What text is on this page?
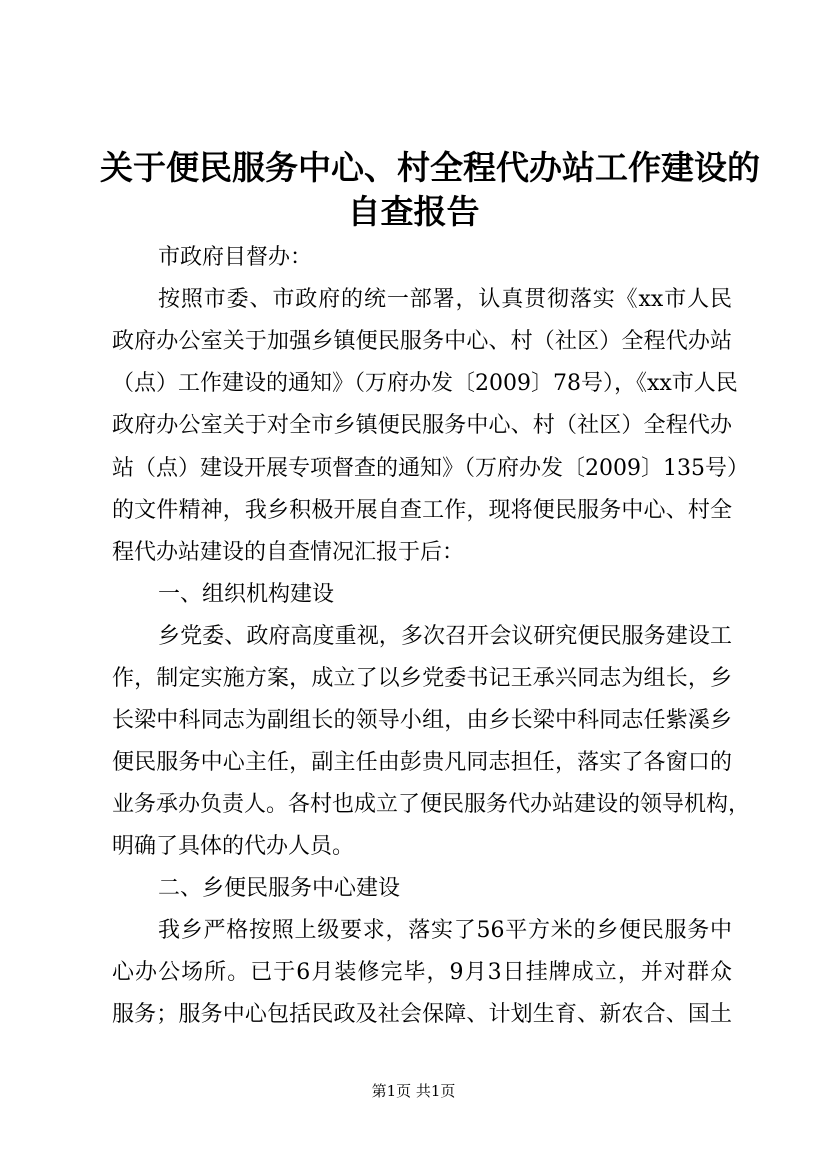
关于便民服务中心、村全程代办站工作建设的
自查报告
市政府目督办：
按照市委、市政府的统一部署，认真贯彻落实《xx市人民
政府办公室关于加强乡镇便民服务中心、村（社区）全程代办站
（点）工作建设的通知》（万府办发〔2009〕78号），《xx市人民
政府办公室关于对全市乡镇便民服务中心、村（社区）全程代办
站（点）建设开展专项督查的通知》（万府办发〔2009〕135号）
的文件精神，我乡积极开展自查工作，现将便民服务中心、村全
程代办站建设的自查情况汇报于后：
一、组织机构建设
乡党委、政府高度重视，多次召开会议研究便民服务建设工
作，制定实施方案，成立了以乡党委书记王承兴同志为组长，乡
长梁中科同志为副组长的领导小组，由乡长梁中科同志任紫溪乡
便民服务中心主任，副主任由彭贵凡同志担任，落实了各窗口的
业务承办负责人。各村也成立了便民服务代办站建设的领导机构，
明确了具体的代办人员。
二、乡便民服务中心建设
我乡严格按照上级要求，落实了56平方米的乡便民服务中
心办公场所。已于6月装修完毕，9月3日挂牌成立，并对群众
服务；服务中心包括民政及社会保障、计划生育、新农合、国土
第1页 共1页
